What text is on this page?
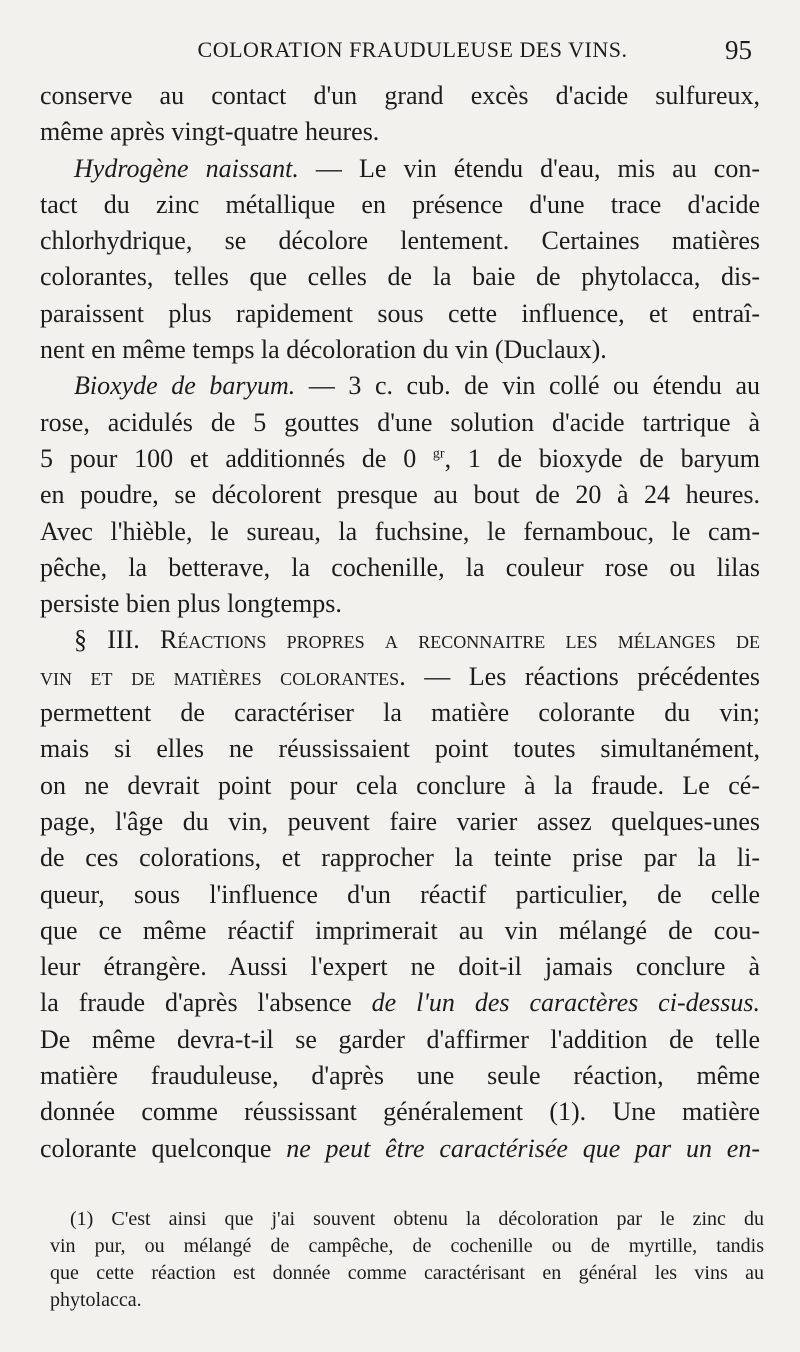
COLORATION FRAUDULEUSE DES VINS.	95
conserve au contact d'un grand excès d'acide sulfureux,
même après vingt-quatre heures.
Hydrogène naissant. — Le vin étendu d'eau, mis au con-
tact du zinc métallique en présence d'une trace d'acide
chlorhydrique, se décolore lentement. Certaines matières
colorantes, telles que celles de la baie de phytolacca, dis-
paraissent plus rapidement sous cette influence, et entraî-
nent en même temps la décoloration du vin (Duclaux).
Bioxyde de baryum. — 3 c. cub. de vin collé ou étendu au
rose, acidulés de 5 gouttes d'une solution d'acide tartrique à
5 pour 100 et additionnés de 0 $^{gr}$, 1 de bioxyde de baryum
en poudre, se décolorent presque au bout de 20 à 24 heures.
Avec l'hièble, le sureau, la fuchsine, le fernambouc, le cam-
pêche, la betterave, la cochenille, la couleur rose ou lilas
persiste bien plus longtemps.
§ III. Réactions propres a reconnaitre les mélanges de
vin et de matières colorantes. — Les réactions précédentes
permettent de caractériser la matière colorante du vin;
mais si elles ne réussissaient point toutes simultanément,
on ne devrait point pour cela conclure à la fraude. Le cé-
page, l'âge du vin, peuvent faire varier assez quelques-unes
de ces colorations, et rapprocher la teinte prise par la li-
queur, sous l'influence d'un réactif particulier, de celle
que ce même réactif imprimerait au vin mélangé de cou-
leur étrangère. Aussi l'expert ne doit-il jamais conclure à
la fraude d'après l'absence de l'un des caractères ci-dessus.
De même devra-t-il se garder d'affirmer l'addition de telle
matière frauduleuse, d'après une seule réaction, même
donnée comme réussissant généralement (1). Une matière
colorante quelconque ne peut être caractérisée que par un en-
(1) C'est ainsi que j'ai souvent obtenu la décoloration par le zinc du
vin pur, ou mélangé de campêche, de cochenille ou de myrtille, tandis
que cette réaction est donnée comme caractérisant en général les vins au
phytolacca.
